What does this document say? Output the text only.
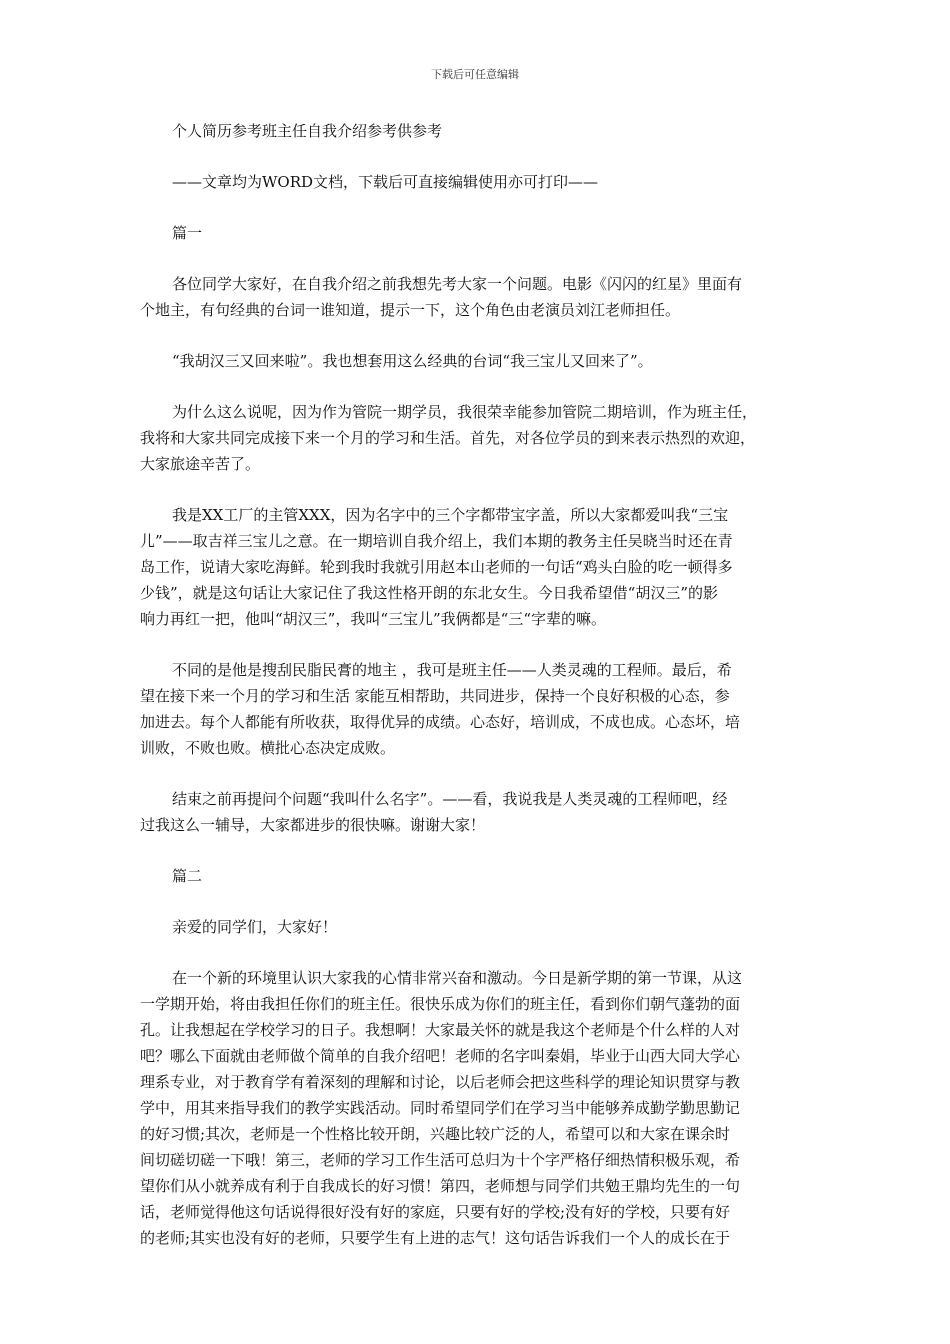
下载后可任意编辑

个人简历参考班主任自我介绍参考供参考

——文章均为WORD文档，下载后可直接编辑使用亦可打印——

篇一

各位同学大家好，在自我介绍之前我想先考大家一个问题。电影《闪闪的红星》里面有

个地主，有句经典的台词一谁知道，提示一下，这个角色由老演员刘江老师担任。

“我胡汉三又回来啦”。我也想套用这么经典的台词“我三宝儿又回来了”。

为什么这么说呢，因为作为管院一期学员，我很荣幸能参加管院二期培训，作为班主任，

我将和大家共同完成接下来一个月的学习和生活。首先，对各位学员的到来表示热烈的欢迎，

大家旅途辛苦了。

我是XX工厂的主管XXX，因为名字中的三个字都带宝字盖，所以大家都爱叫我“三宝

儿”——取吉祥三宝儿之意。在一期培训自我介绍上，我们本期的教务主任吴晓当时还在青

岛工作，说请大家吃海鲜。轮到我时我就引用赵本山老师的一句话“鸡头白脸的吃一顿得多

少钱”，就是这句话让大家记住了我这性格开朗的东北女生。今日我希望借“胡汉三”的影

响力再红一把，他叫“胡汉三”，我叫“三宝儿”我俩都是“三“字辈的嘛。

不同的是他是搜刮民脂民膏的地主 ，我可是班主任——人类灵魂的工程师。最后，希

望在接下来一个月的学习和生活 家能互相帮助，共同进步，保持一个良好积极的心态，参

加进去。每个人都能有所收获，取得优异的成绩。心态好，培训成，不成也成。心态坏，培

训败，不败也败。横批心态决定成败。

结束之前再提问个问题“我叫什么名字”。——看，我说我是人类灵魂的工程师吧，经

过我这么一辅导，大家都进步的很快嘛。谢谢大家！

篇二

亲爱的同学们，大家好！

在一个新的环境里认识大家我的心情非常兴奋和激动。今日是新学期的第一节课，从这

一学期开始，将由我担任你们的班主任。很快乐成为你们的班主任，看到你们朝气蓬勃的面

孔。让我想起在学校学习的日子。我想啊！大家最关怀的就是我这个老师是个什么样的人对

吧？哪么下面就由老师做个简单的自我介绍吧！老师的名字叫秦娟，毕业于山西大同大学心

理系专业，对于教育学有着深刻的理解和讨论，以后老师会把这些科学的理论知识贯穿与教

学中，用其来指导我们的教学实践活动。同时希望同学们在学习当中能够养成勤学勤思勤记

的好习惯;其次，老师是一个性格比较开朗，兴趣比较广泛的人，希望可以和大家在课余时

间切磋切磋一下哦！第三，老师的学习工作生活可总归为十个字严格仔细热情积极乐观，希

望你们从小就养成有利于自我成长的好习惯！第四，老师想与同学们共勉王鼎均先生的一句

话，老师觉得他这句话说得很好没有好的家庭，只要有好的学校;没有好的学校，只要有好

的老师;其实也没有好的老师，只要学生有上进的志气！这句话告诉我们一个人的成长在于
